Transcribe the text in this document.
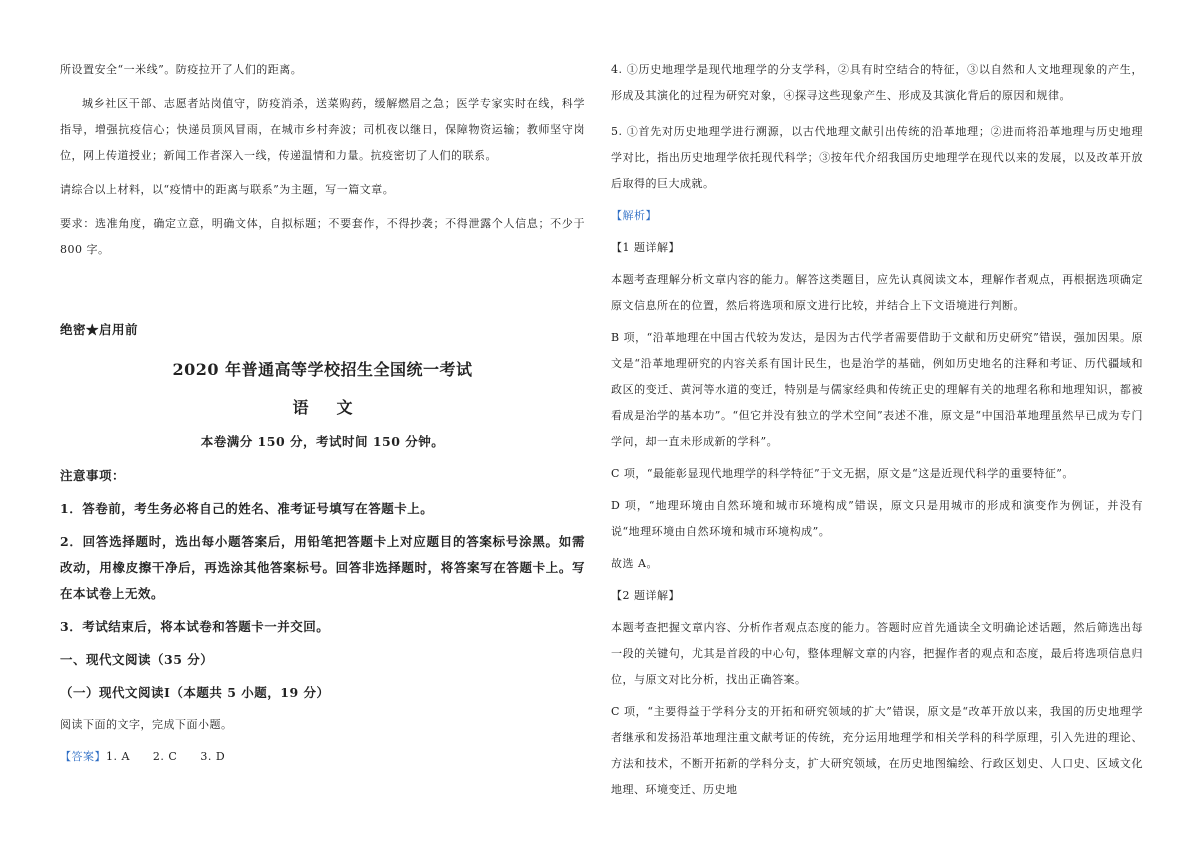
所设置安全“一米线”。防疫拉开了人们的距离。

城乡社区干部、志愿者站岗值守，防疫消杀，送菜购药，缓解燃眉之急；医学专家实时在线，科学指导，增强抗疫信心；快递员顶风冒雨，在城市乡村奔波；司机夜以继日，保障物资运输；教师坚守岗位，网上传道授业；新闻工作者深入一线，传递温情和力量。抗疫密切了人们的联系。

请综合以上材料，以“疫情中的距离与联系”为主题，写一篇文章。

要求：选准角度，确定立意，明确文体，自拟标题；不要套作，不得抄袭；不得泄露个人信息；不少于 800 字。

绝密★启用前

2020 年普通高等学校招生全国统一考试

语文

本卷满分 150 分，考试时间 150 分钟。

注意事项：

1．答卷前，考生务必将自己的姓名、准考证号填写在答题卡上。

2．回答选择题时，选出每小题答案后，用铅笔把答题卡上对应题目的答案标号涂黑。如需改动，用橡皮擦干净后，再选涂其他答案标号。回答非选择题时，将答案写在答题卡上。写在本试卷上无效。

3．考试结束后，将本试卷和答题卡一并交回。

一、现代文阅读（35 分）

（一）现代文阅读Ⅰ（本题共 5 小题，19 分）

阅读下面的文字，完成下面小题。

【答案】1. A　　2. C　　3. D

4. ①历史地理学是现代地理学的分支学科，②具有时空结合的特征，③以自然和人文地理现象的产生，形成及其演化的过程为研究对象，④探寻这些现象产生、形成及其演化背后的原因和规律。

5. ①首先对历史地理学进行溯源，以古代地理文献引出传统的沿革地理；②进而将沿革地理与历史地理学对比，指出历史地理学依托现代科学；③按年代介绍我国历史地理学在现代以来的发展，以及改革开放后取得的巨大成就。

【解析】

【1 题详解】

本题考查理解分析文章内容的能力。解答这类题目，应先认真阅读文本，理解作者观点，再根据选项确定原文信息所在的位置，然后将选项和原文进行比较，并结合上下文语境进行判断。

B 项，“沿革地理在中国古代较为发达，是因为古代学者需要借助于文献和历史研究”错误，强加因果。原文是“沿革地理研究的内容关系有国计民生，也是治学的基础，例如历史地名的注释和考证、历代疆域和政区的变迁、黄河等水道的变迁，特别是与儒家经典和传统正史的理解有关的地理名称和地理知识，都被看成是治学的基本功”。“但它并没有独立的学术空间”表述不准，原文是“中国沿革地理虽然早已成为专门学问，却一直未形成新的学科”。

C 项，“最能彰显现代地理学的科学特征”于文无据，原文是“这是近现代科学的重要特征”。

D 项，“地理环境由自然环境和城市环境构成”错误，原文只是用城市的形成和演变作为例证，并没有说“地理环境由自然环境和城市环境构成”。

故选 A。

【2 题详解】

本题考查把握文章内容、分析作者观点态度的能力。答题时应首先通读全文明确论述话题，然后筛选出每一段的关键句，尤其是首段的中心句，整体理解文章的内容，把握作者的观点和态度，最后将选项信息归位，与原文对比分析，找出正确答案。

C 项，“主要得益于学科分支的开拓和研究领域的扩大”错误，原文是“改革开放以来，我国的历史地理学者继承和发扬沿革地理注重文献考证的传统，充分运用地理学和相关学科的科学原理，引入先进的理论、方法和技术，不断开拓新的学科分支，扩大研究领域，在历史地图编绘、行政区划史、人口史、区域文化地理、环境变迁、历史地
